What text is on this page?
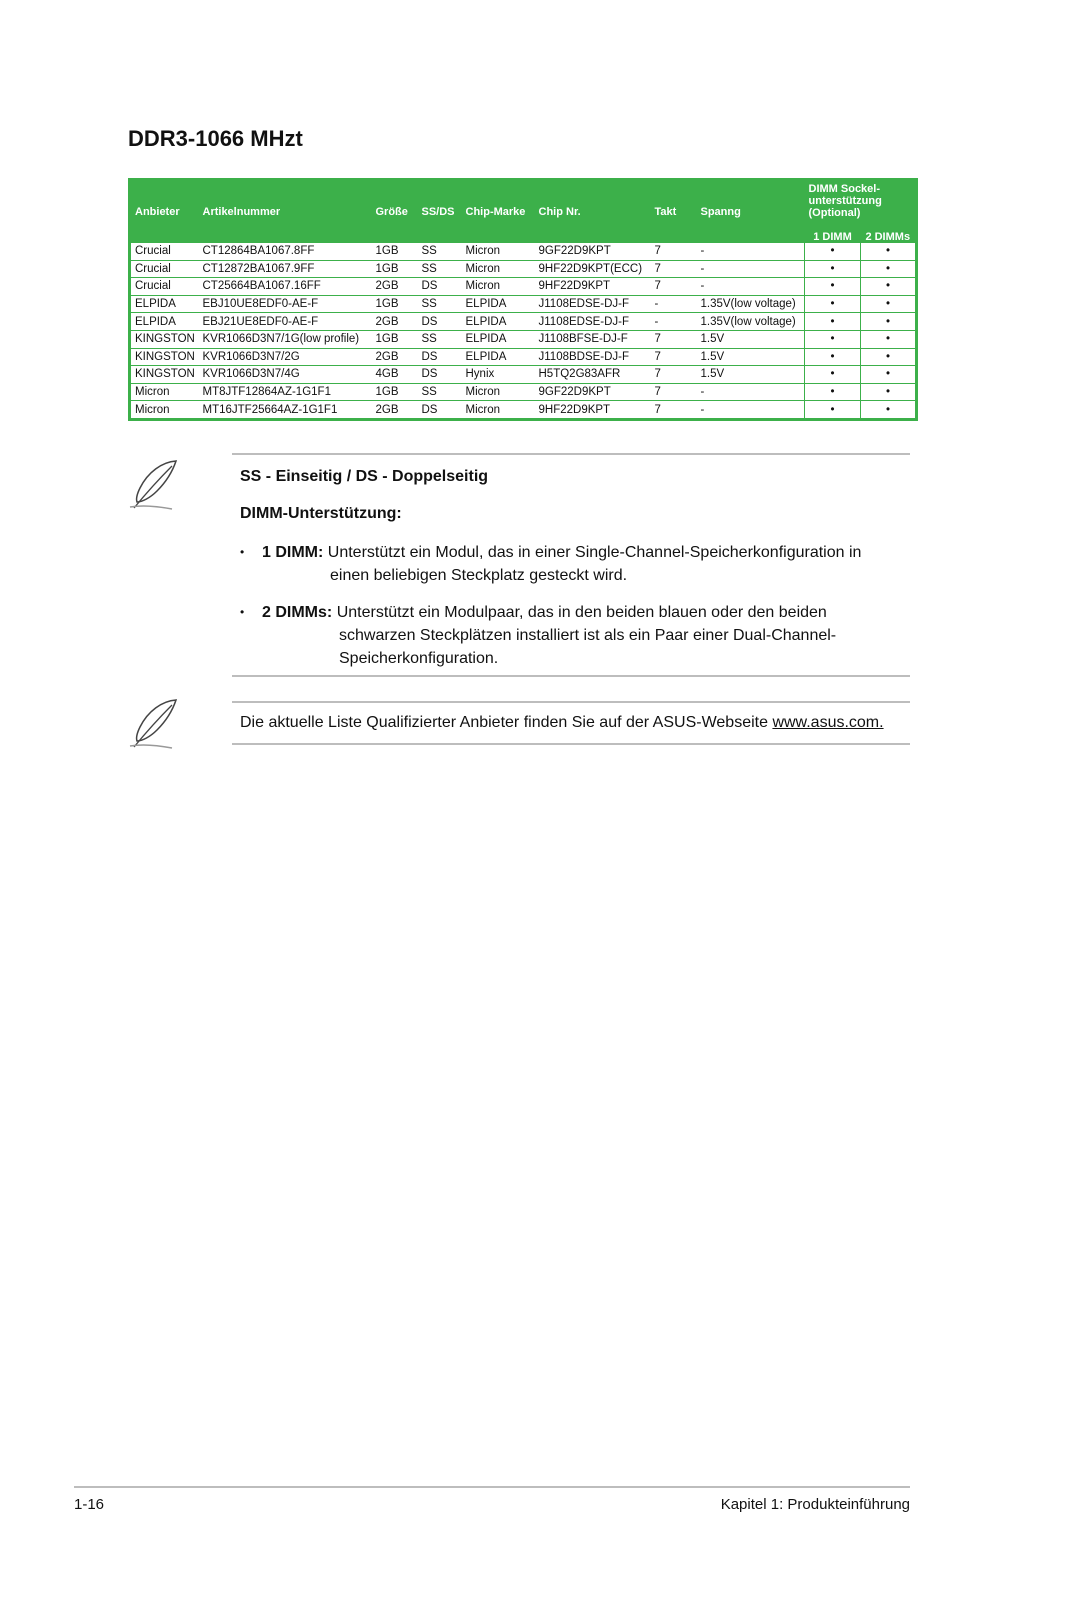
DDR3-1066 MHzt
Anbieter	Artikelnummer	Größe	SS/DS	Chip-Marke	Chip Nr.	Takt	Spanng	DIMM Sockel-
unterstützung
(Optional)	

								1 DIMM	2 DIMMs
Crucial	CT12864BA1067.8FF	1GB	SS	Micron	9GF22D9KPT	7	-	•	•
Crucial	CT12872BA1067.9FF	1GB	SS	Micron	9HF22D9KPT(ECC)	7	-	•	•
Crucial	CT25664BA1067.16FF	2GB	DS	Micron	9HF22D9KPT	7	-	•	•
ELPIDA	EBJ10UE8EDF0-AE-F	1GB	SS	ELPIDA	J1108EDSE-DJ-F	-	1.35V(low voltage)	•	•
ELPIDA	EBJ21UE8EDF0-AE-F	2GB	DS	ELPIDA	J1108EDSE-DJ-F	-	1.35V(low voltage)	•	•
KINGSTON	KVR1066D3N7/1G(low profile)	1GB	SS	ELPIDA	J1108BFSE-DJ-F	7	1.5V	•	•
KINGSTON	KVR1066D3N7/2G	2GB	DS	ELPIDA	J1108BDSE-DJ-F	7	1.5V	•	•
KINGSTON	KVR1066D3N7/4G	4GB	DS	Hynix	H5TQ2G83AFR	7	1.5V	•	•
Micron	MT8JTF12864AZ-1G1F1	1GB	SS	Micron	9GF22D9KPT	7	-	•	•
Micron	MT16JTF25664AZ-1G1F1	2GB	DS	Micron	9HF22D9KPT	7	-	•	•
SS - Einseitig / DS - Doppelseitig
DIMM-Unterstützung:
• 1 DIMM: Unterstützt ein Modul, das in einer Single-Channel-Speicherkonfiguration in
einen beliebigen Steckplatz gesteckt wird.
• 2 DIMMs: Unterstützt ein Modulpaar, das in den beiden blauen oder den beiden
schwarzen Steckplätzen installiert ist als ein Paar einer Dual-Channel-
Speicherkonfiguration.
Die aktuelle Liste Qualifizierter Anbieter finden Sie auf der ASUS-Webseite www.asus.com.
1-16	Kapitel 1: Produkteinführung
